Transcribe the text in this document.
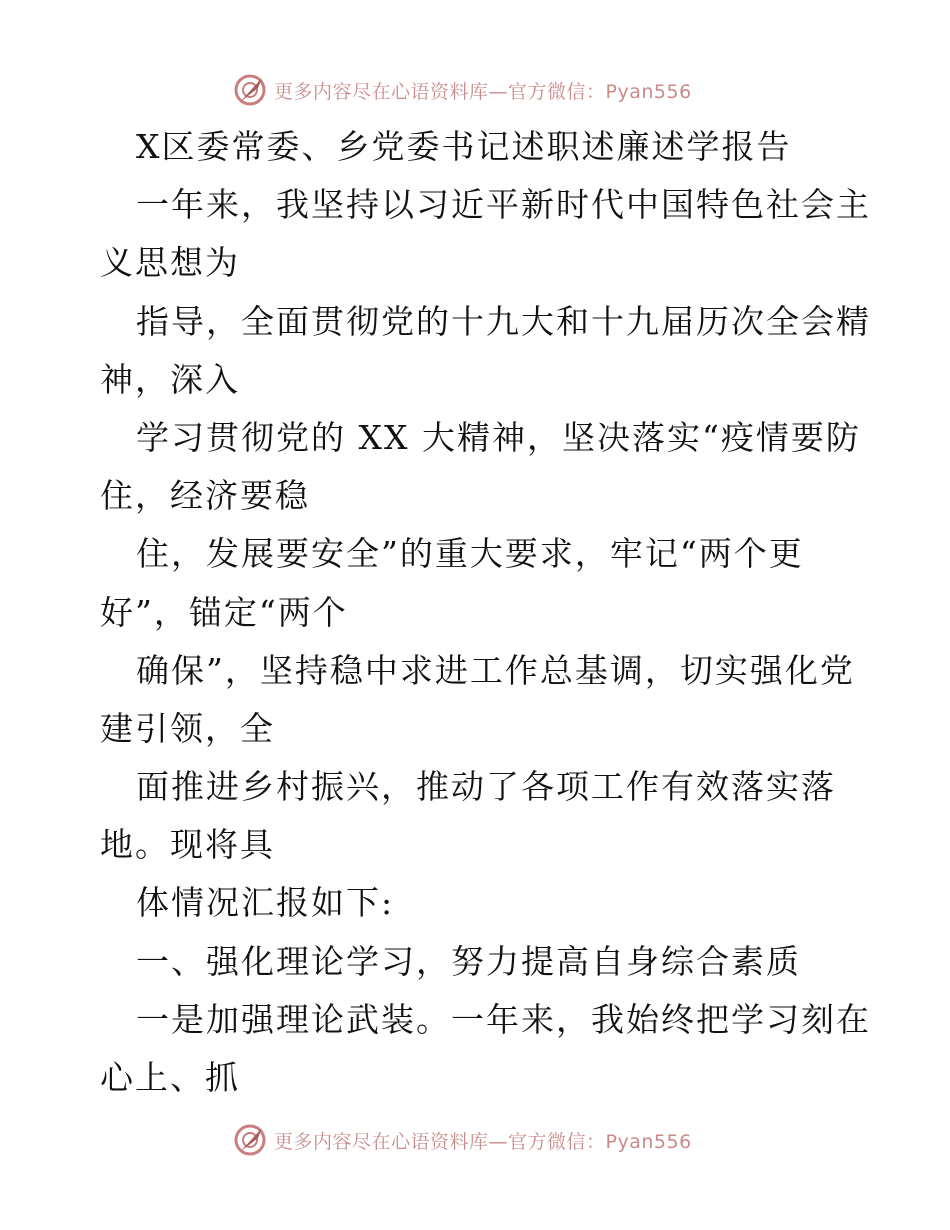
更多内容尽在心语资料库—官方微信：Pyan556
X区委常委、乡党委书记述职述廉述学报告
一年来，我坚持以习近平新时代中国特色社会主
义思想为
指导，全面贯彻党的十九大和十九届历次全会精
神，深入
学习贯彻党的 XX 大精神，坚决落实“疫情要防
住，经济要稳
住，发展要安全”的重大要求，牢记“两个更
好”，锚定“两个
确保”，坚持稳中求进工作总基调，切实强化党
建引领，全
面推进乡村振兴，推动了各项工作有效落实落
地。现将具
体情况汇报如下:
一、强化理论学习，努力提高自身综合素质
一是加强理论武装。一年来，我始终把学习刻在
心上、抓
更多内容尽在心语资料库—官方微信：Pyan556
